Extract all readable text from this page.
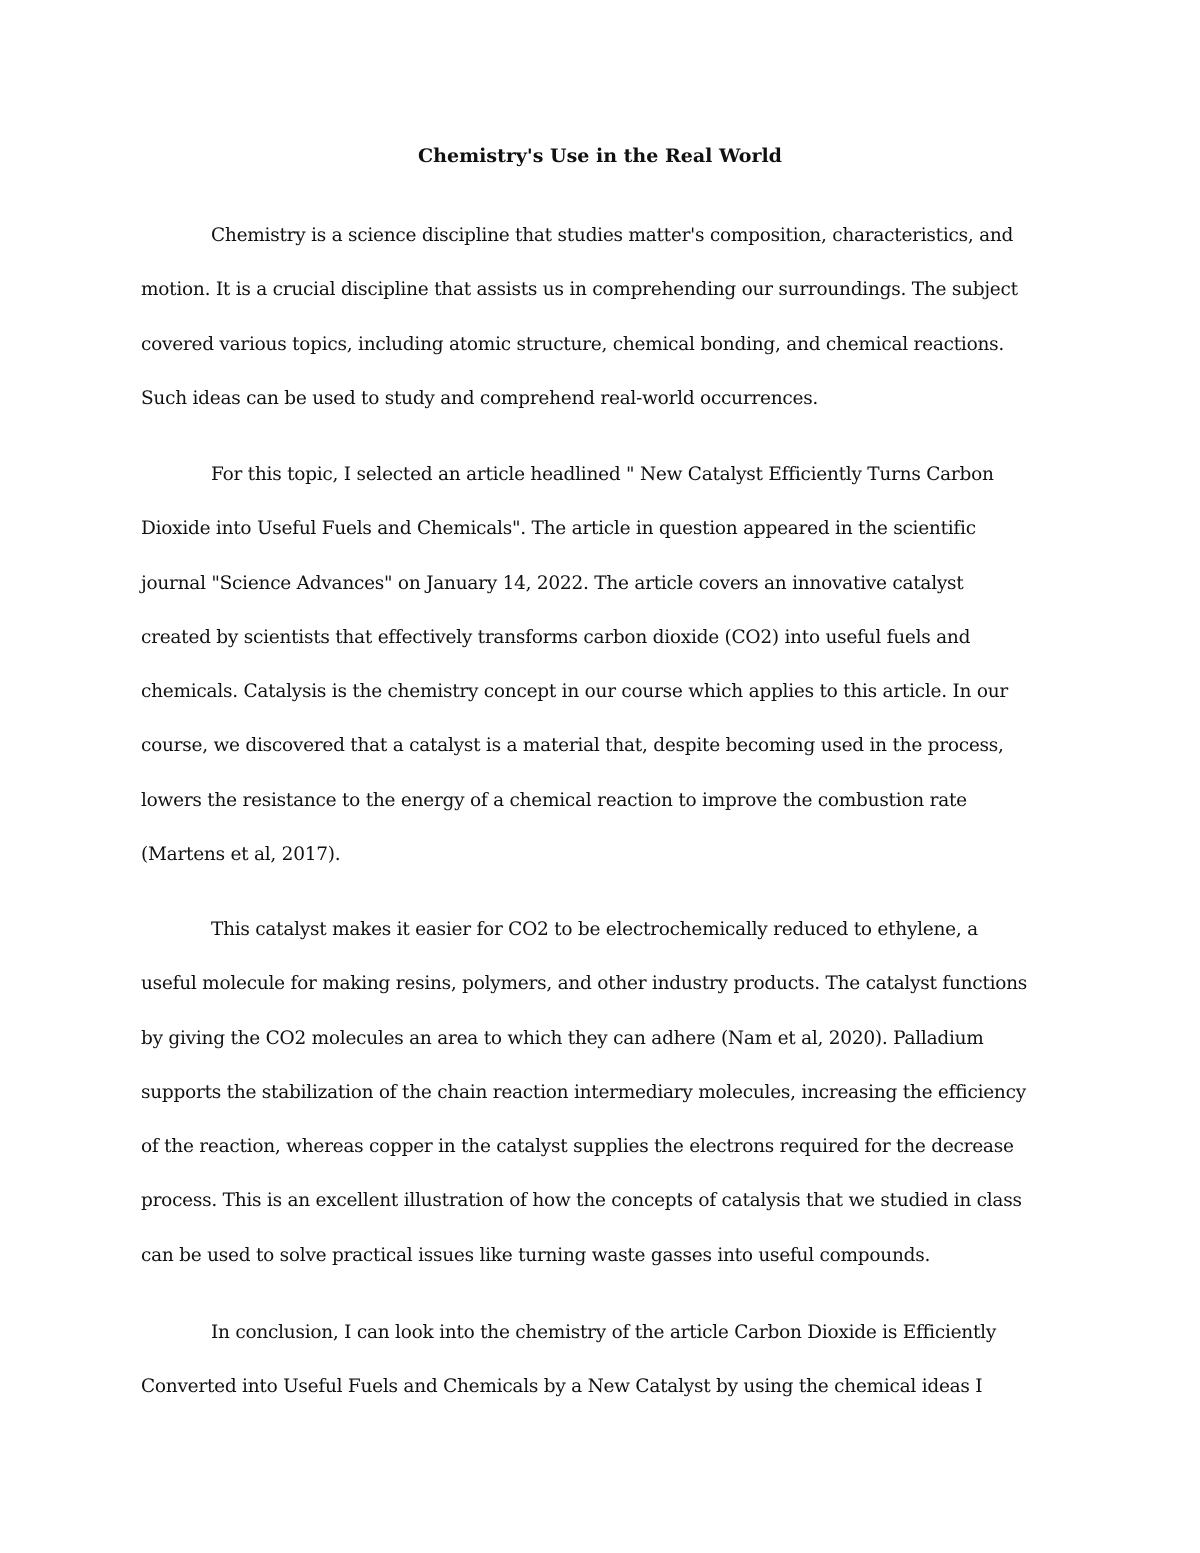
Chemistry's Use in the Real World
Chemistry is a science discipline that studies matter's composition, characteristics, and
motion. It is a crucial discipline that assists us in comprehending our surroundings. The subject
covered various topics, including atomic structure, chemical bonding, and chemical reactions.
Such ideas can be used to study and comprehend real-world occurrences.
For this topic, I selected an article headlined " New Catalyst Efficiently Turns Carbon
Dioxide into Useful Fuels and Chemicals". The article in question appeared in the scientific
journal "Science Advances" on January 14, 2022. The article covers an innovative catalyst
created by scientists that effectively transforms carbon dioxide (CO2) into useful fuels and
chemicals. Catalysis is the chemistry concept in our course which applies to this article. In our
course, we discovered that a catalyst is a material that, despite becoming used in the process,
lowers the resistance to the energy of a chemical reaction to improve the combustion rate
(Martens et al, 2017).
This catalyst makes it easier for CO2 to be electrochemically reduced to ethylene, a
useful molecule for making resins, polymers, and other industry products. The catalyst functions
by giving the CO2 molecules an area to which they can adhere (Nam et al, 2020). Palladium
supports the stabilization of the chain reaction intermediary molecules, increasing the efficiency
of the reaction, whereas copper in the catalyst supplies the electrons required for the decrease
process. This is an excellent illustration of how the concepts of catalysis that we studied in class
can be used to solve practical issues like turning waste gasses into useful compounds.
In conclusion, I can look into the chemistry of the article Carbon Dioxide is Efficiently
Converted into Useful Fuels and Chemicals by a New Catalyst by using the chemical ideas I
